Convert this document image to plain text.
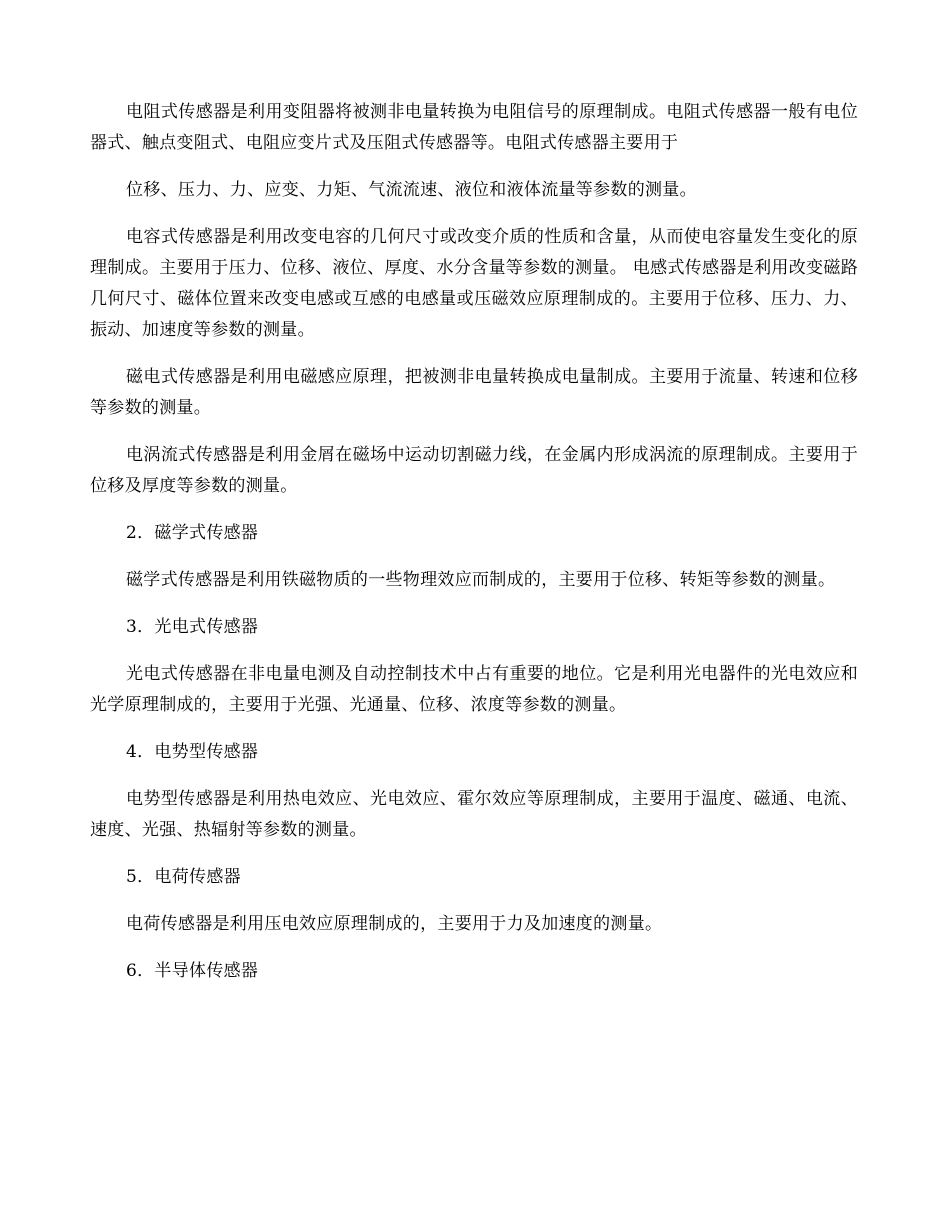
电阻式传感器是利用变阻器将被测非电量转换为电阻信号的原理制成。电阻式传感器一般有电位器式、触点变阻式、电阻应变片式及压阻式传感器等。电阻式传感器主要用于

位移、压力、力、应变、力矩、气流流速、液位和液体流量等参数的测量。

电容式传感器是利用改变电容的几何尺寸或改变介质的性质和含量，从而使电容量发生变化的原理制成。主要用于压力、位移、液位、厚度、水分含量等参数的测量。 电感式传感器是利用改变磁路几何尺寸、磁体位置来改变电感或互感的电感量或压磁效应原理制成的。主要用于位移、压力、力、振动、加速度等参数的测量。

磁电式传感器是利用电磁感应原理，把被测非电量转换成电量制成。主要用于流量、转速和位移等参数的测量。

电涡流式传感器是利用金屑在磁场中运动切割磁力线，在金属内形成涡流的原理制成。主要用于位移及厚度等参数的测量。

2．磁学式传感器

磁学式传感器是利用铁磁物质的一些物理效应而制成的，主要用于位移、转矩等参数的测量。

3．光电式传感器

光电式传感器在非电量电测及自动控制技术中占有重要的地位。它是利用光电器件的光电效应和光学原理制成的，主要用于光强、光通量、位移、浓度等参数的测量。

4．电势型传感器

电势型传感器是利用热电效应、光电效应、霍尔效应等原理制成，主要用于温度、磁通、电流、速度、光强、热辐射等参数的测量。

5．电荷传感器

电荷传感器是利用压电效应原理制成的，主要用于力及加速度的测量。

6．半导体传感器
